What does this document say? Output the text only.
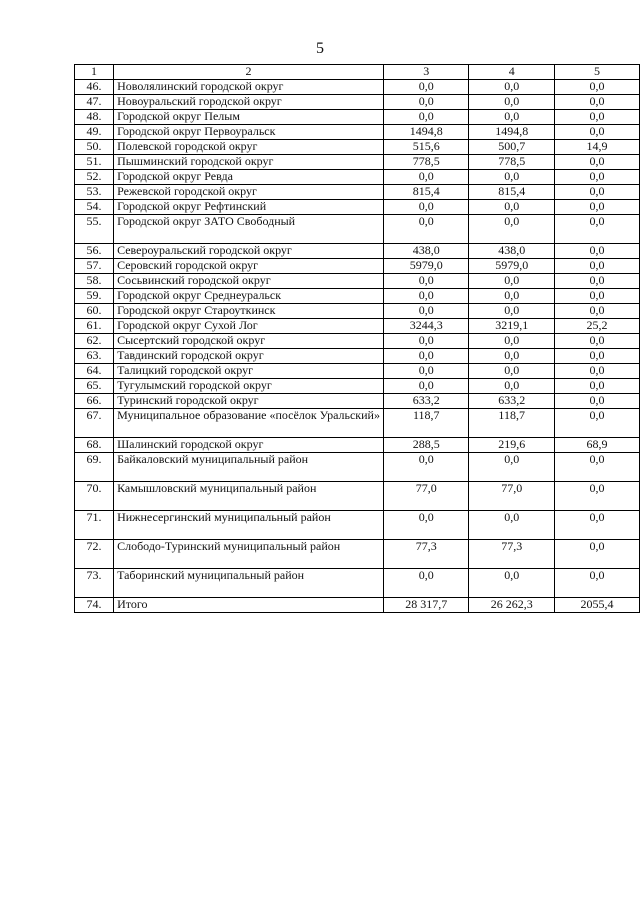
5
1	2	3	4	5
46.	Новолялинский городской округ	0,0	0,0	0,0
47.	Новоуральский городской округ	0,0	0,0	0,0
48.	Городской округ Пелым	0,0	0,0	0,0
49.	Городской округ Первоуральск	1494,8	1494,8	0,0
50.	Полевской городской округ	515,6	500,7	14,9
51.	Пышминский городской округ	778,5	778,5	0,0
52.	Городской округ Ревда	0,0	0,0	0,0
53.	Режевской городской округ	815,4	815,4	0,0
54.	Городской округ Рефтинский	0,0	0,0	0,0
55.	Городской округ ЗАТО Свободный	0,0	0,0	0,0
56.	Североуральский городской округ	438,0	438,0	0,0
57.	Серовский городской округ	5979,0	5979,0	0,0
58.	Сосьвинский городской округ	0,0	0,0	0,0
59.	Городской округ Среднеуральск	0,0	0,0	0,0
60.	Городской округ Староуткинск	0,0	0,0	0,0
61.	Городской округ Сухой Лог	3244,3	3219,1	25,2
62.	Сысертский городской округ	0,0	0,0	0,0
63.	Тавдинский городской округ	0,0	0,0	0,0
64.	Талицкий городской округ	0,0	0,0	0,0
65.	Тугулымский городской округ	0,0	0,0	0,0
66.	Туринский городской округ	633,2	633,2	0,0
67.	Муниципальное образование «посёлок Уральский»	118,7	118,7	0,0
68.	Шалинский городской округ	288,5	219,6	68,9
69.	Байкаловский муниципальный район	0,0	0,0	0,0
70.	Камышловский муниципальный район	77,0	77,0	0,0
71.	Нижнесергинский муниципальный район	0,0	0,0	0,0
72.	Слободо-Туринский муниципальный район	77,3	77,3	0,0
73.	Таборинский муниципальный район	0,0	0,0	0,0
74.	Итого	28 317,7	26 262,3	2055,4
